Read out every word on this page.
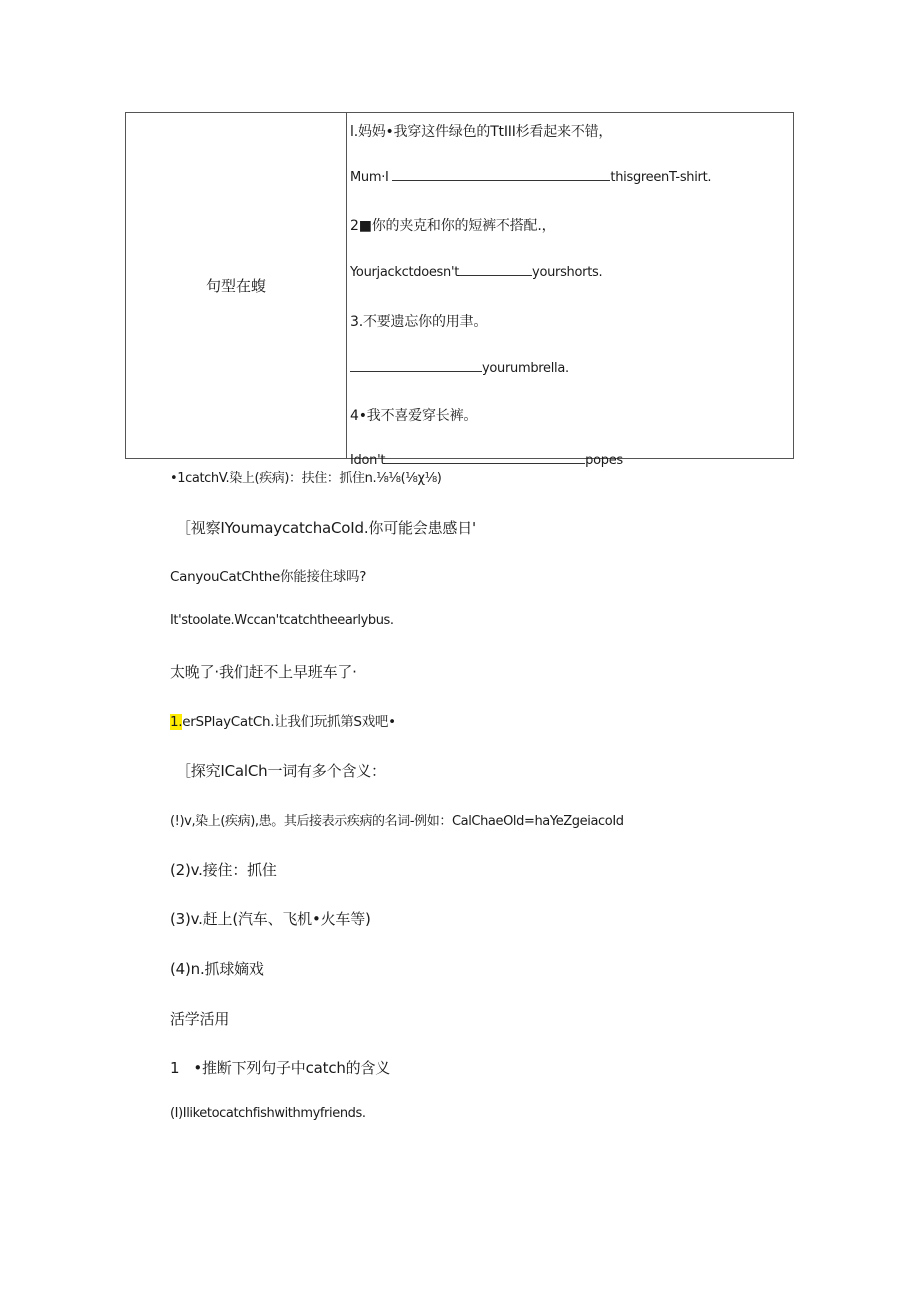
句型在蝮
l.妈妈•我穿这件绿色的TtIII杉看起来不错，
Mum·I	thisgreenT-shirt.
2■你的夹克和你的短裤不搭配.，
Yourjackctdoesn't	yourshorts.
3.不要遗忘你的用聿。
yourumbrella.
4•我不喜爱穿长裤。
Idon't	popes
•1catchV.染上(疾病)：扶住：抓住n.⅛⅛(⅛χ⅛)
［视察IYoumaycatchaCoId.你可能会患感日'
CanyouCatChthe你能接住球吗?
It'stoolate.Wccan'tcatchtheearlybus.
太晚了·我们赶不上早班车了·
1.erSPlayCatCh.让我们玩抓第S戏吧•
［探究ICalCh一词有多个含义：
(!)v,染上(疾病),患。其后接表示疾病的名词-例如：CalChaeOld=haYeZgeiacoId
(2)v.接住：抓住
(3)v.赶上(汽车、飞机•火车等)
(4)n.抓球嫡戏
活学活用
1 •推断下列句子中catch的含义
(I)Iliketocatchfishwithmyfriends.
